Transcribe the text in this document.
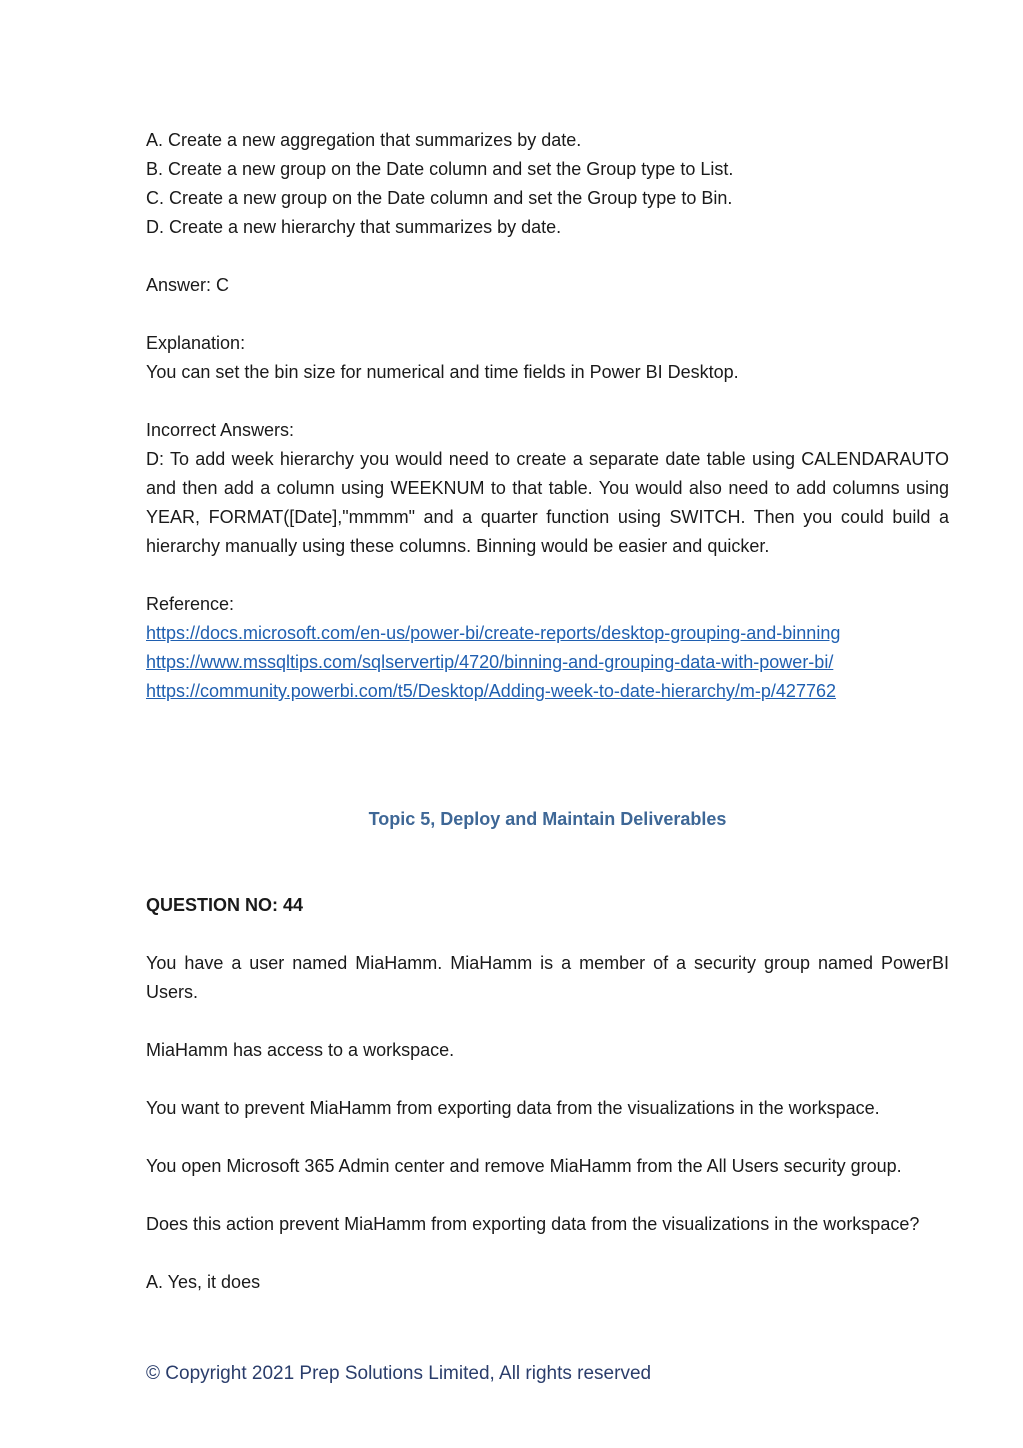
A. Create a new aggregation that summarizes by date.

B. Create a new group on the Date column and set the Group type to List.

C. Create a new group on the Date column and set the Group type to Bin.

D. Create a new hierarchy that summarizes by date.

Answer: C

Explanation:

You can set the bin size for numerical and time fields in Power BI Desktop.

Incorrect Answers:

D: To add week hierarchy you would need to create a separate date table using CALENDARAUTO and then add a column using WEEKNUM to that table. You would also need to add columns using YEAR, FORMAT([Date],"mmmm" and a quarter function using SWITCH. Then you could build a hierarchy manually using these columns. Binning would be easier and quicker.

Reference:

https://docs.microsoft.com/en-us/power-bi/create-reports/desktop-grouping-and-binning
https://www.mssqltips.com/sqlservertip/4720/binning-and-grouping-data-with-power-bi/
https://community.powerbi.com/t5/Desktop/Adding-week-to-date-hierarchy/m-p/427762

Topic 5, Deploy and Maintain Deliverables

QUESTION NO: 44

You have a user named MiaHamm. MiaHamm is a member of a security group named PowerBI Users.

MiaHamm has access to a workspace.

You want to prevent MiaHamm from exporting data from the visualizations in the workspace.

You open Microsoft 365 Admin center and remove MiaHamm from the All Users security group.

Does this action prevent MiaHamm from exporting data from the visualizations in the workspace?

A. Yes, it does

© Copyright 2021 Prep Solutions Limited, All rights reserved
